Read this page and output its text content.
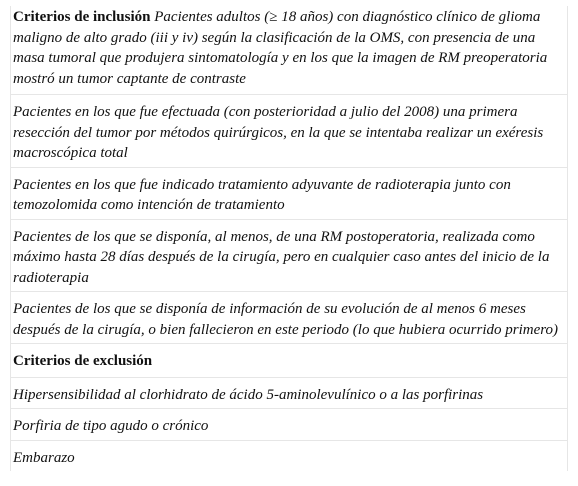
Criterios de inclusión Pacientes adultos (≥ 18 años) con diagnóstico clínico de glioma maligno de alto grado (iii y iv) según la clasificación de la OMS, con presencia de una masa tumoral que produjera sintomatología y en los que la imagen de RM preoperatoria mostró un tumor captante de contraste

Pacientes en los que fue efectuada (con posterioridad a julio del 2008) una primera resección del tumor por métodos quirúrgicos, en la que se intentaba realizar un exéresis macroscópica total

Pacientes en los que fue indicado tratamiento adyuvante de radioterapia junto con temozolomida como intención de tratamiento

Pacientes de los que se disponía, al menos, de una RM postoperatoria, realizada como máximo hasta 28 días después de la cirugía, pero en cualquier caso antes del inicio de la radioterapia

Pacientes de los que se disponía de información de su evolución de al menos 6 meses después de la cirugía, o bien fallecieron en este periodo (lo que hubiera ocurrido primero)

Criterios de exclusión

Hipersensibilidad al clorhidrato de ácido 5-aminolevulínico o a las porfirinas

Porfiria de tipo agudo o crónico

Embarazo
